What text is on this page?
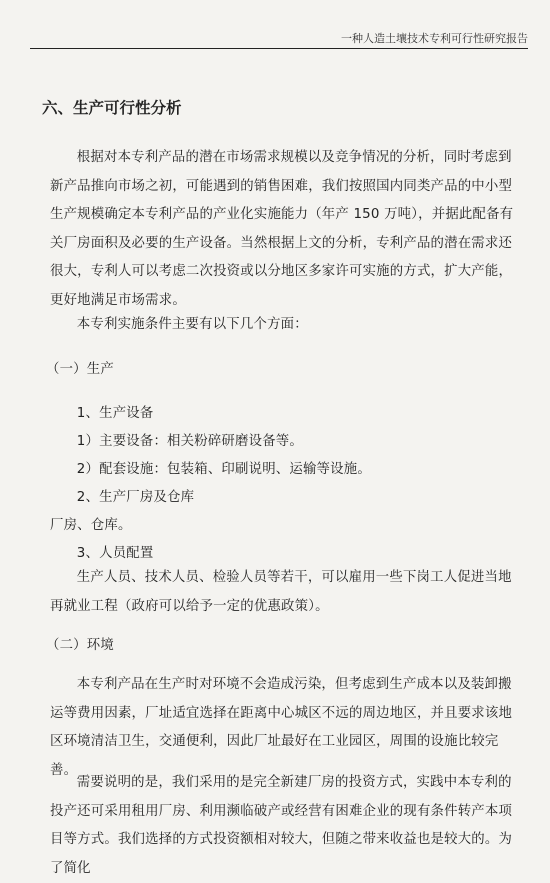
一种人造土壤技术专利可行性研究报告
六、生产可行性分析
根据对本专利产品的潜在市场需求规模以及竞争情况的分析，同时考虑到新产品推向市场之初，可能遇到的销售困难，我们按照国内同类产品的中小型生产规模确定本专利产品的产业化实施能力（年产 150 万吨），并据此配备有关厂房面积及必要的生产设备。当然根据上文的分析，专利产品的潜在需求还很大，专利人可以考虑二次投资或以分地区多家许可实施的方式，扩大产能，更好地满足市场需求。
本专利实施条件主要有以下几个方面：
（一）生产
1、生产设备
1）主要设备：相关粉碎研磨设备等。
2）配套设施：包装箱、印刷说明、运输等设施。
2、生产厂房及仓库
厂房、仓库。
3、人员配置
生产人员、技术人员、检验人员等若干，可以雇用一些下岗工人促进当地再就业工程（政府可以给予一定的优惠政策）。
（二）环境
本专利产品在生产时对环境不会造成污染，但考虑到生产成本以及装卸搬运等费用因素，厂址适宜选择在距离中心城区不远的周边地区，并且要求该地区环境清洁卫生，交通便利，因此厂址最好在工业园区，周围的设施比较完善。
需要说明的是，我们采用的是完全新建厂房的投资方式，实践中本专利的投产还可采用租用厂房、利用濒临破产或经营有困难企业的现有条件转产本项目等方式。我们选择的方式投资额相对较大，但随之带来收益也是较大的。为了简化
